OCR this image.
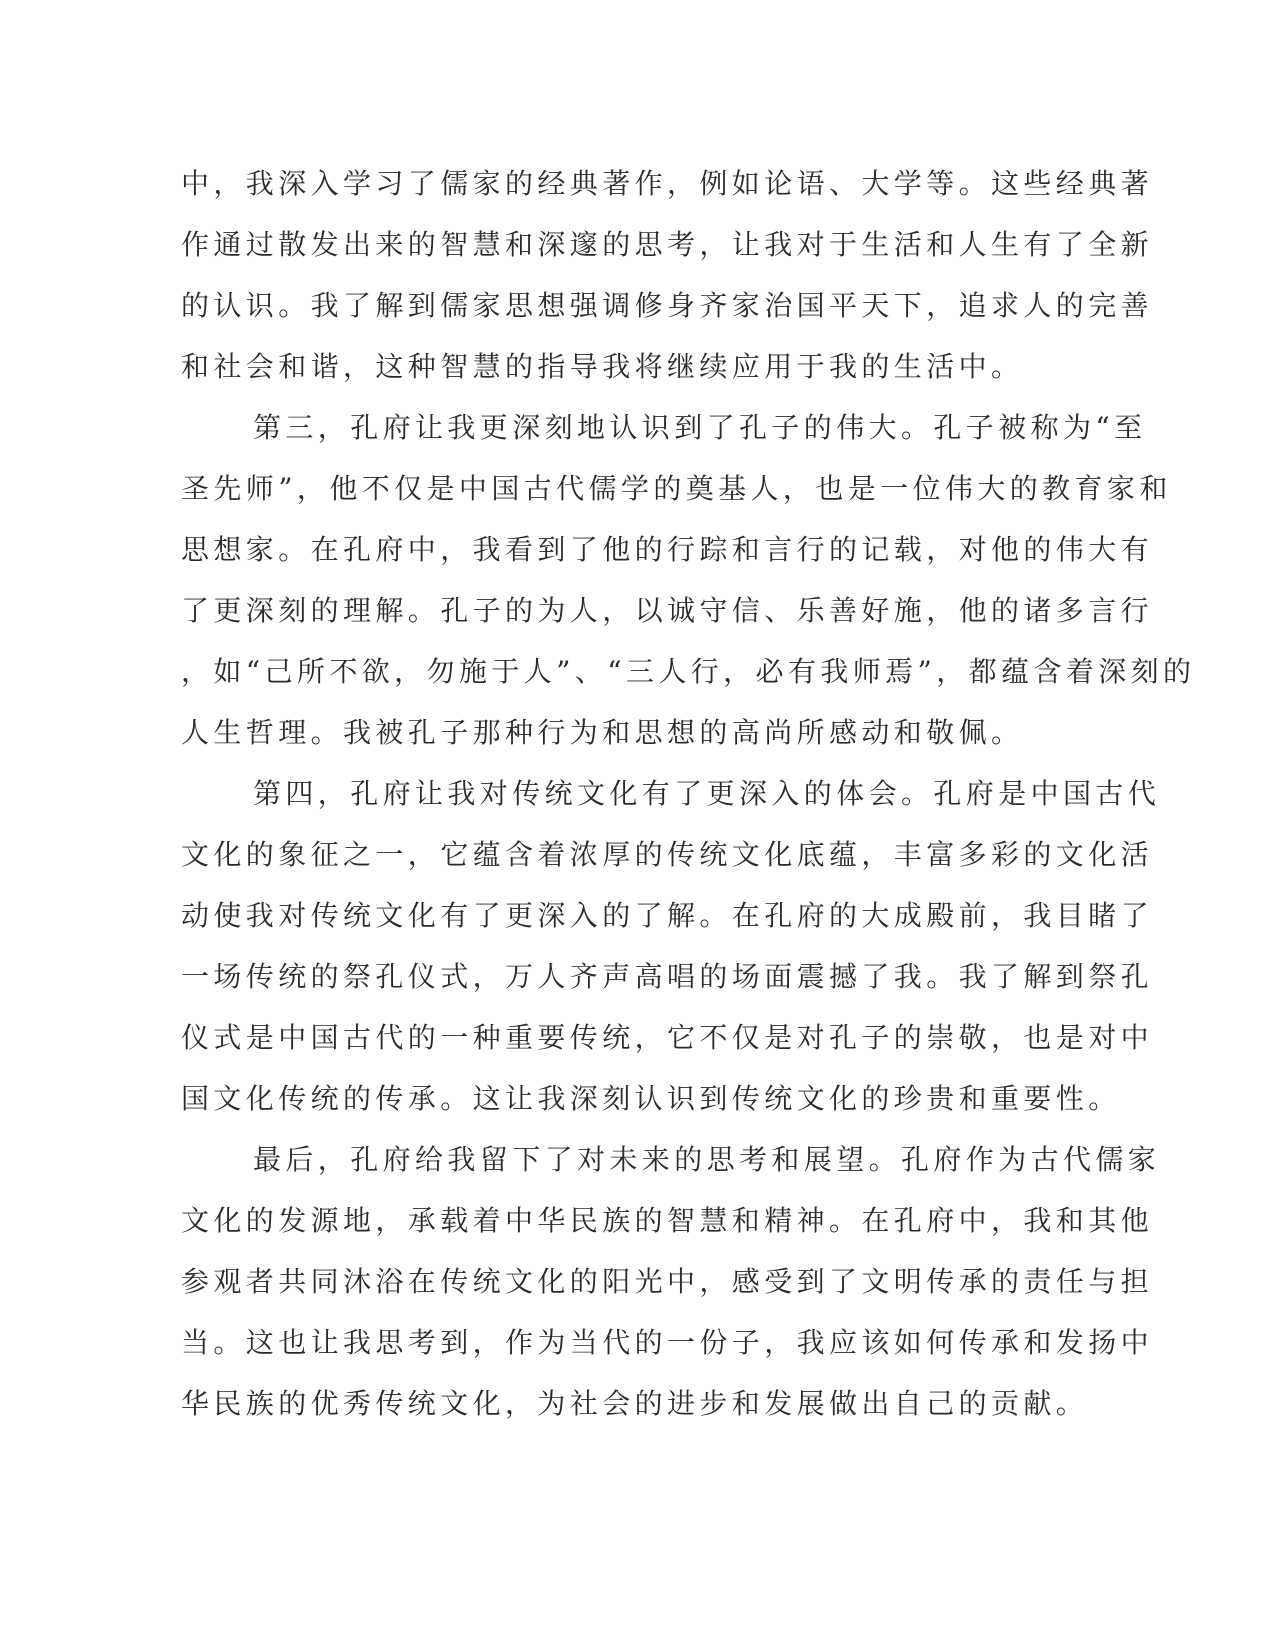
中，我深入学习了儒家的经典著作，例如论语、大学等。这些经典著
作通过散发出来的智慧和深邃的思考，让我对于生活和人生有了全新
的认识。我了解到儒家思想强调修身齐家治国平天下，追求人的完善
和社会和谐，这种智慧的指导我将继续应用于我的生活中。
第三，孔府让我更深刻地认识到了孔子的伟大。孔子被称为“至
圣先师”，他不仅是中国古代儒学的奠基人，也是一位伟大的教育家和
思想家。在孔府中，我看到了他的行踪和言行的记载，对他的伟大有
了更深刻的理解。孔子的为人，以诚守信、乐善好施，他的诸多言行
，如“己所不欲，勿施于人”、“三人行，必有我师焉”，都蕴含着深刻的
人生哲理。我被孔子那种行为和思想的高尚所感动和敬佩。
第四，孔府让我对传统文化有了更深入的体会。孔府是中国古代
文化的象征之一，它蕴含着浓厚的传统文化底蕴，丰富多彩的文化活
动使我对传统文化有了更深入的了解。在孔府的大成殿前，我目睹了
一场传统的祭孔仪式，万人齐声高唱的场面震撼了我。我了解到祭孔
仪式是中国古代的一种重要传统，它不仅是对孔子的崇敬，也是对中
国文化传统的传承。这让我深刻认识到传统文化的珍贵和重要性。
最后，孔府给我留下了对未来的思考和展望。孔府作为古代儒家
文化的发源地，承载着中华民族的智慧和精神。在孔府中，我和其他
参观者共同沐浴在传统文化的阳光中，感受到了文明传承的责任与担
当。这也让我思考到，作为当代的一份子，我应该如何传承和发扬中
华民族的优秀传统文化，为社会的进步和发展做出自己的贡献。
